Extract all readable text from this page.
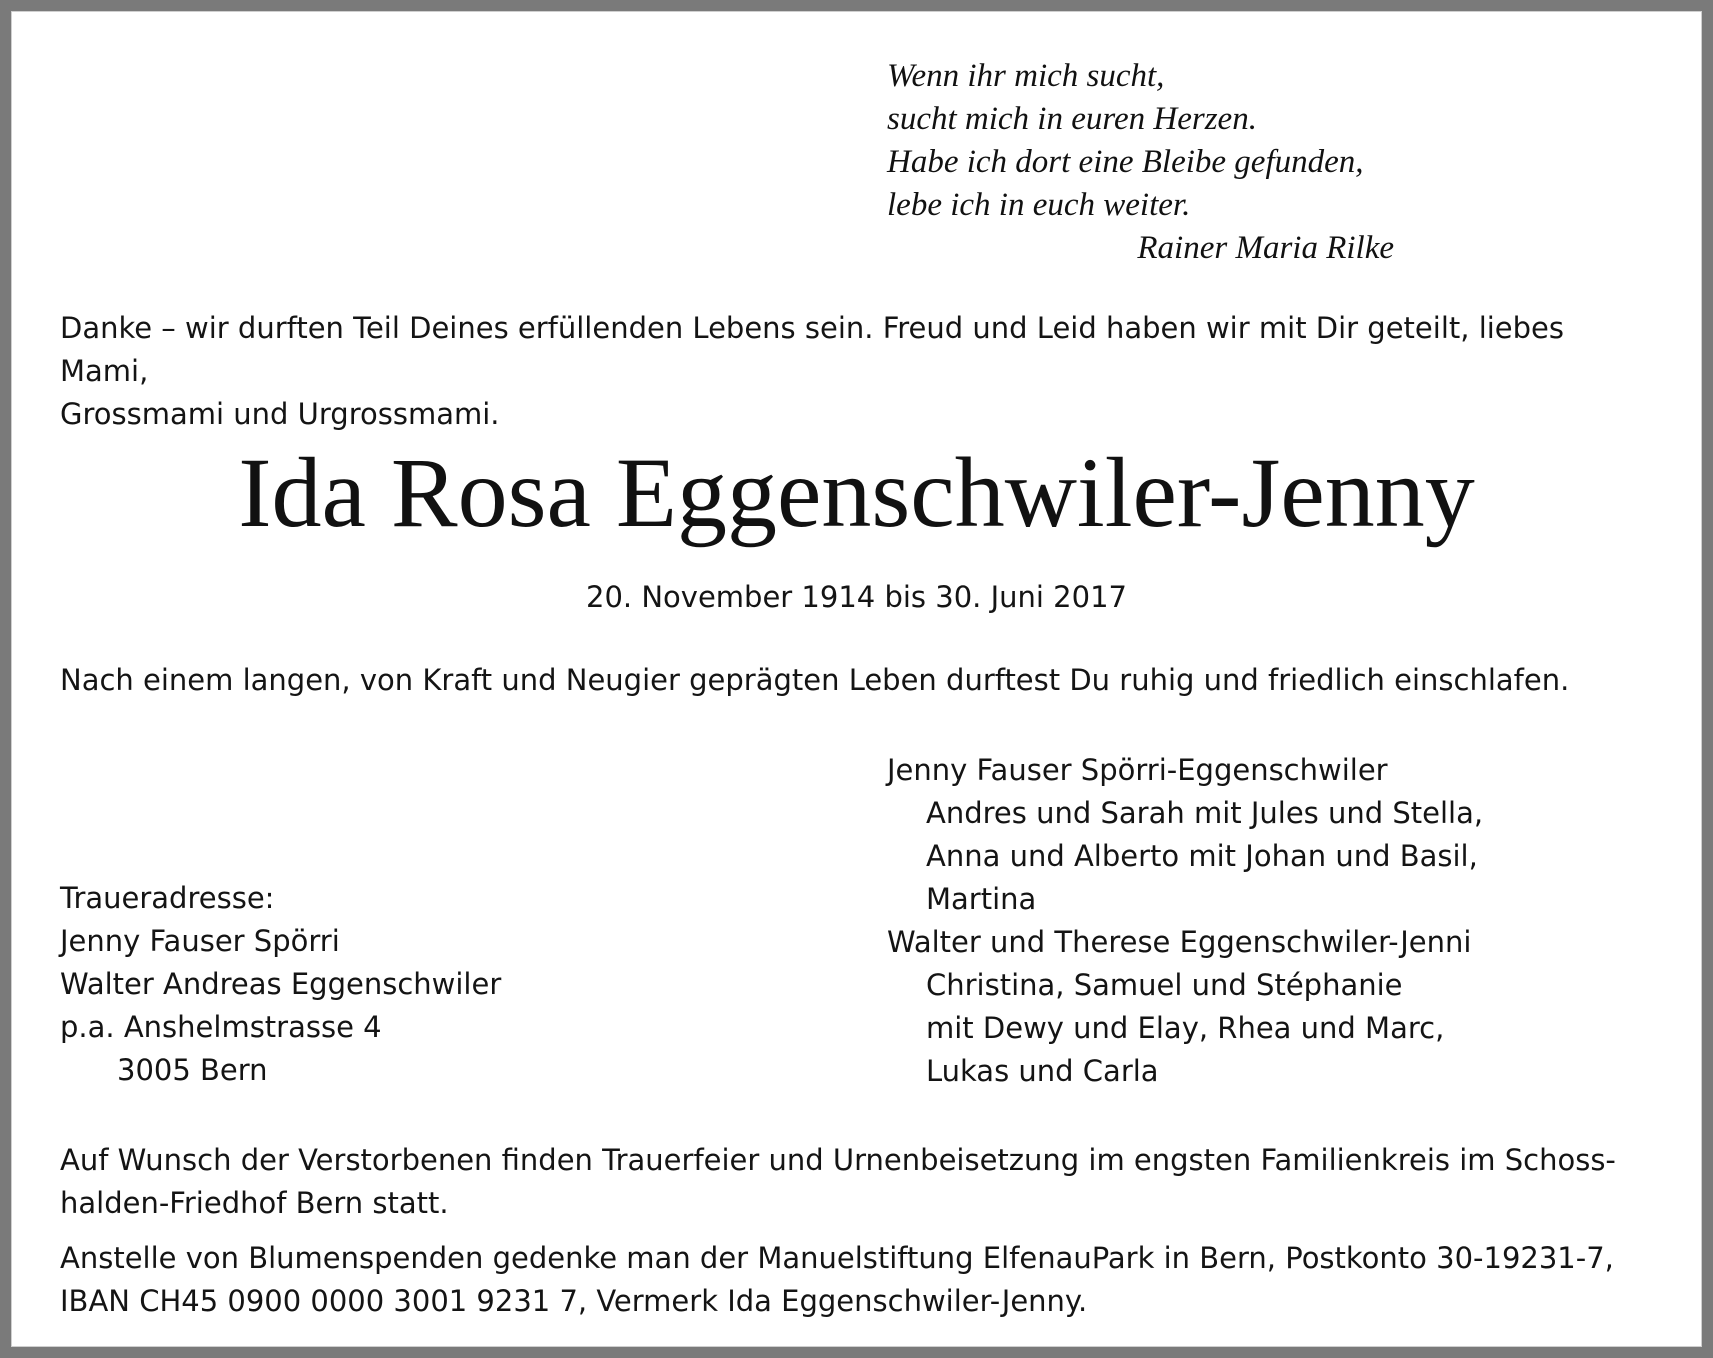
Wenn ihr mich sucht,
sucht mich in euren Herzen.
Habe ich dort eine Bleibe gefunden,
lebe ich in euch weiter.
Rainer Maria Rilke
Danke – wir durften Teil Deines erfüllenden Lebens sein. Freud und Leid haben wir mit Dir geteilt, liebes Mami,
Grossmami und Urgrossmami.
Ida Rosa Eggenschwiler-Jenny
20. November 1914 bis 30. Juni 2017
Nach einem langen, von Kraft und Neugier geprägten Leben durftest Du ruhig und friedlich einschlafen.
Jenny Fauser Spörri-Eggenschwiler
Andres und Sarah mit Jules und Stella,
Anna und Alberto mit Johan und Basil,
Martina
Walter und Therese Eggenschwiler-Jenni
Christina, Samuel und Stéphanie
mit Dewy und Elay, Rhea und Marc,
Lukas und Carla
Traueradresse:
Jenny Fauser Spörri
Walter Andreas Eggenschwiler
p.a. Anshelmstrasse 4
3005 Bern
Auf Wunsch der Verstorbenen finden Trauerfeier und Urnenbeisetzung im engsten Familienkreis im Schoss-
halden-Friedhof Bern statt.
Anstelle von Blumenspenden gedenke man der Manuelstiftung ElfenauPark in Bern, Postkonto 30-19231-7,
IBAN CH45 0900 0000 3001 9231 7, Vermerk Ida Eggenschwiler-Jenny.
